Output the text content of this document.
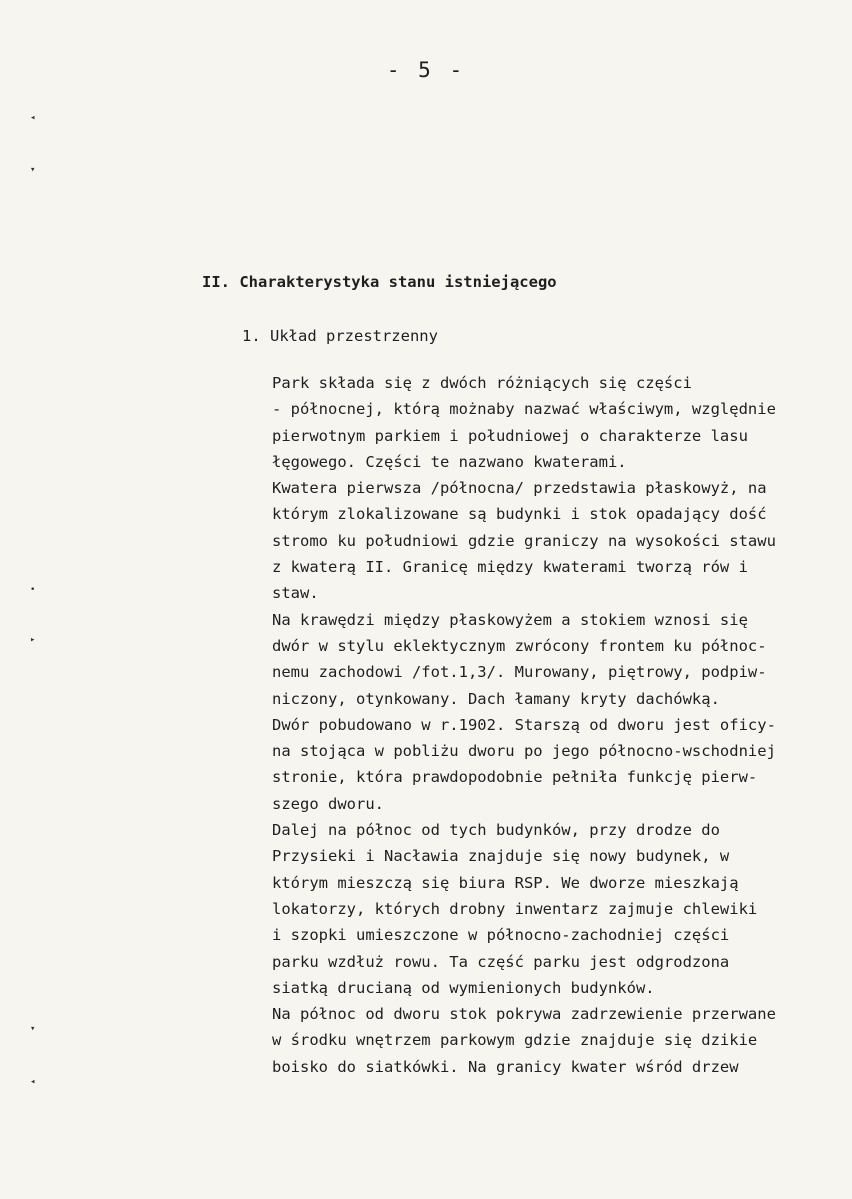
- 5 -
◂
▾
•
▸
▾
◂
II. Charakterystyka stanu istniejącego
1. Układ przestrzenny
Park składa się z dwóch różniących się części
- północnej, którą możnaby nazwać właściwym, względnie
pierwotnym parkiem i południowej o charakterze lasu
łęgowego. Części te nazwano kwaterami.
Kwatera pierwsza /północna/ przedstawia płaskowyż, na
którym zlokalizowane są budynki i stok opadający dość
stromo ku południowi gdzie graniczy na wysokości stawu
z kwaterą II. Granicę między kwaterami tworzą rów i
staw.
Na krawędzi między płaskowyżem a stokiem wznosi się
dwór w stylu eklektycznym zwrócony frontem ku północ-
nemu zachodowi /fot.1,3/. Murowany, piętrowy, podpiw-
niczony, otynkowany. Dach łamany kryty dachówką.
Dwór pobudowano w r.1902. Starszą od dworu jest oficy-
na stojąca w pobliżu dworu po jego północno-wschodniej
stronie, która prawdopodobnie pełniła funkcję pierw-
szego dworu.
Dalej na północ od tych budynków, przy drodze do
Przysieki i Nacławia znajduje się nowy budynek, w
którym mieszczą się biura RSP. We dworze mieszkają
lokatorzy, których drobny inwentarz zajmuje chlewiki
i szopki umieszczone w północno-zachodniej części
parku wzdłuż rowu. Ta część parku jest odgrodzona
siatką drucianą od wymienionych budynków.
Na północ od dworu stok pokrywa zadrzewienie przerwane
w środku wnętrzem parkowym gdzie znajduje się dzikie
boisko do siatkówki. Na granicy kwater wśród drzew
